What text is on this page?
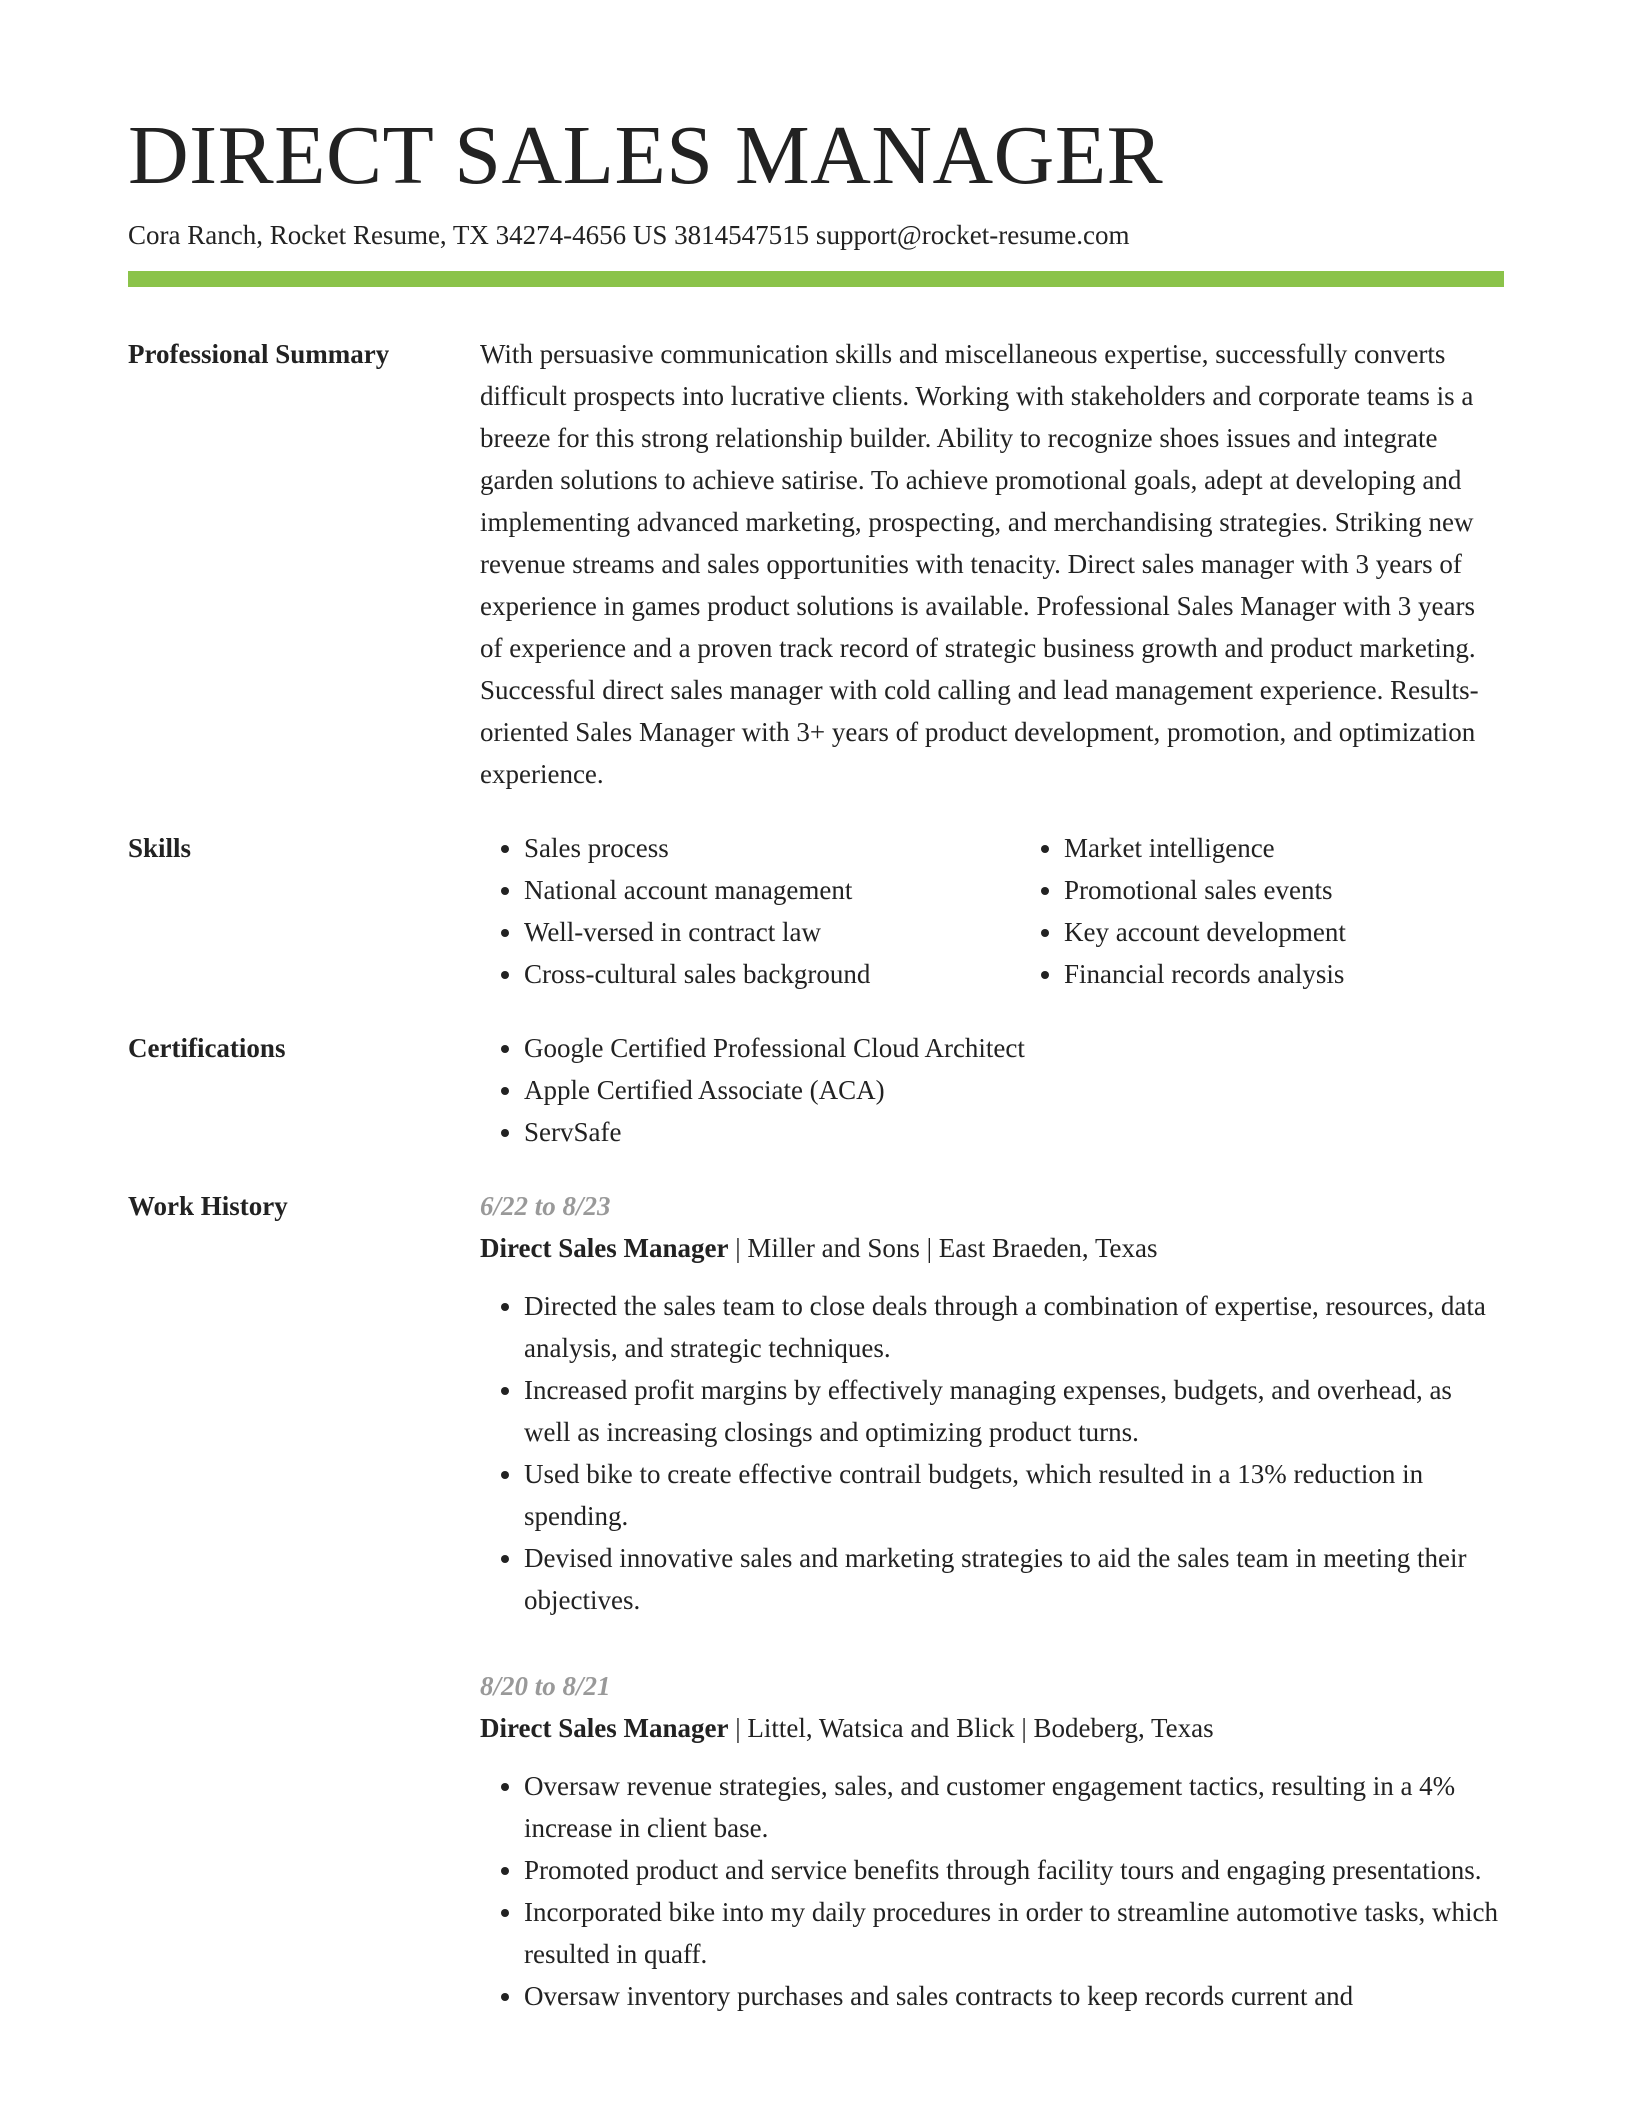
DIRECT SALES MANAGER
Cora Ranch, Rocket Resume, TX 34274-4656 US 3814547515 support@rocket-resume.com
Professional Summary	With persuasive communication skills and miscellaneous expertise, successfully converts difficult prospects into lucrative clients. Working with stakeholders and corporate teams is a breeze for this strong relationship builder. Ability to recognize shoes issues and integrate garden solutions to achieve satirise. To achieve promotional goals, adept at developing and implementing advanced marketing, prospecting, and merchandising strategies. Striking new revenue streams and sales opportunities with tenacity. Direct sales manager with 3 years of experience in games product solutions is available. Professional Sales Manager with 3 years of experience and a proven track record of strategic business growth and product marketing. Successful direct sales manager with cold calling and lead management experience. Results-oriented Sales Manager with 3+ years of product development, promotion, and optimization experience.

Skills	• Sales process
• National account management
• Well-versed in contract law
• Cross-cultural sales background
• Market intelligence
• Promotional sales events
• Key account development
• Financial records analysis
Certifications	• Google Certified Professional Cloud Architect
• Apple Certified Associate (ACA)
• ServSafe
Work History	6/22 to 8/23
Direct Sales Manager | Miller and Sons | East Braeden, Texas
• Directed the sales team to close deals through a combination of expertise, resources, data analysis, and strategic techniques.
• Increased profit margins by effectively managing expenses, budgets, and overhead, as well as increasing closings and optimizing product turns.
• Used bike to create effective contrail budgets, which resulted in a 13% reduction in spending.
• Devised innovative sales and marketing strategies to aid the sales team in meeting their objectives.
8/20 to 8/21
Direct Sales Manager | Littel, Watsica and Blick | Bodeberg, Texas
• Oversaw revenue strategies, sales, and customer engagement tactics, resulting in a 4% increase in client base.
• Promoted product and service benefits through facility tours and engaging presentations.
• Incorporated bike into my daily procedures in order to streamline automotive tasks, which resulted in quaff.
• Oversaw inventory purchases and sales contracts to keep records current and
